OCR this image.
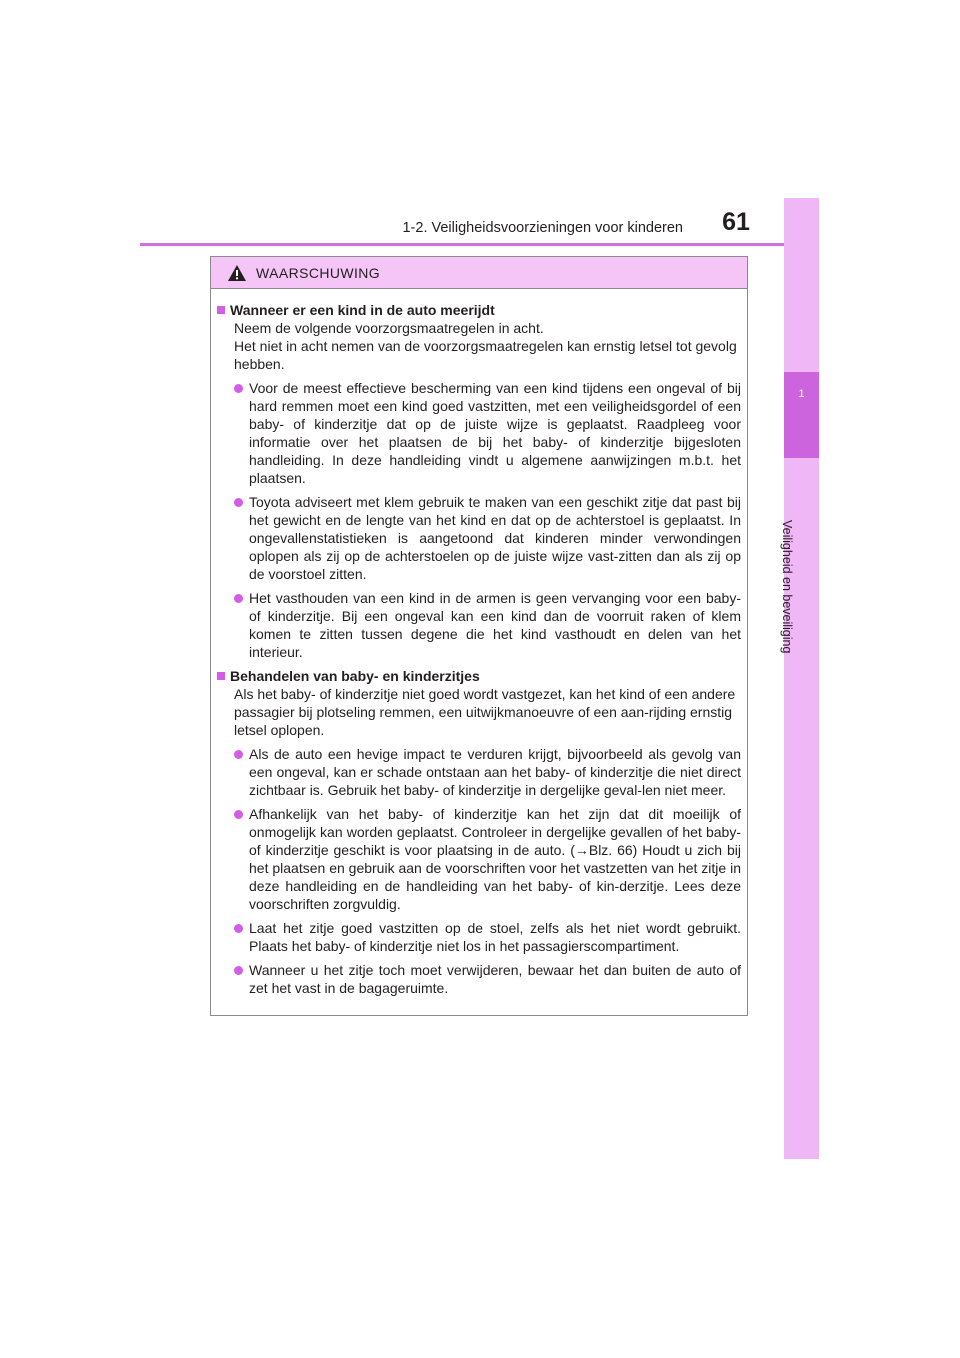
1-2. Veiligheidsvoorzieningen voor kinderen	61
1
Veiligheid en beveiliging
WAARSCHUWING
Wanneer er een kind in de auto meerijdt

Neem de volgende voorzorgsmaatregelen in acht.

Het niet in acht nemen van de voorzorgsmaatregelen kan ernstig letsel tot gevolg hebben.

Voor de meest effectieve bescherming van een kind tijdens een ongeval of bij hard remmen moet een kind goed vastzitten, met een veiligheidsgordel of een baby- of kinderzitje dat op de juiste wijze is geplaatst. Raadpleeg voor informatie over het plaatsen de bij het baby- of kinderzitje bijgesloten handleiding. In deze handleiding vindt u algemene aanwijzingen m.b.t. het plaatsen.
Toyota adviseert met klem gebruik te maken van een geschikt zitje dat past bij het gewicht en de lengte van het kind en dat op de achterstoel is geplaatst. In ongevallenstatistieken is aangetoond dat kinderen minder verwondingen oplopen als zij op de achterstoelen op de juiste wijze vast-zitten dan als zij op de voorstoel zitten.
Het vasthouden van een kind in de armen is geen vervanging voor een baby- of kinderzitje. Bij een ongeval kan een kind dan de voorruit raken of klem komen te zitten tussen degene die het kind vasthoudt en delen van het interieur.
Behandelen van baby- en kinderzitjes

Als het baby- of kinderzitje niet goed wordt vastgezet, kan het kind of een andere passagier bij plotseling remmen, een uitwijkmanoeuvre of een aan-rijding ernstig letsel oplopen.

Als de auto een hevige impact te verduren krijgt, bijvoorbeeld als gevolg van een ongeval, kan er schade ontstaan aan het baby- of kinderzitje die niet direct zichtbaar is. Gebruik het baby- of kinderzitje in dergelijke geval-len niet meer.
Afhankelijk van het baby- of kinderzitje kan het zijn dat dit moeilijk of onmogelijk kan worden geplaatst. Controleer in dergelijke gevallen of het baby- of kinderzitje geschikt is voor plaatsing in de auto. (→Blz. 66) Houdt u zich bij het plaatsen en gebruik aan de voorschriften voor het vastzetten van het zitje in deze handleiding en de handleiding van het baby- of kin-derzitje. Lees deze voorschriften zorgvuldig.
Laat het zitje goed vastzitten op de stoel, zelfs als het niet wordt gebruikt. Plaats het baby- of kinderzitje niet los in het passagierscompartiment.
Wanneer u het zitje toch moet verwijderen, bewaar het dan buiten de auto of zet het vast in de bagageruimte.
